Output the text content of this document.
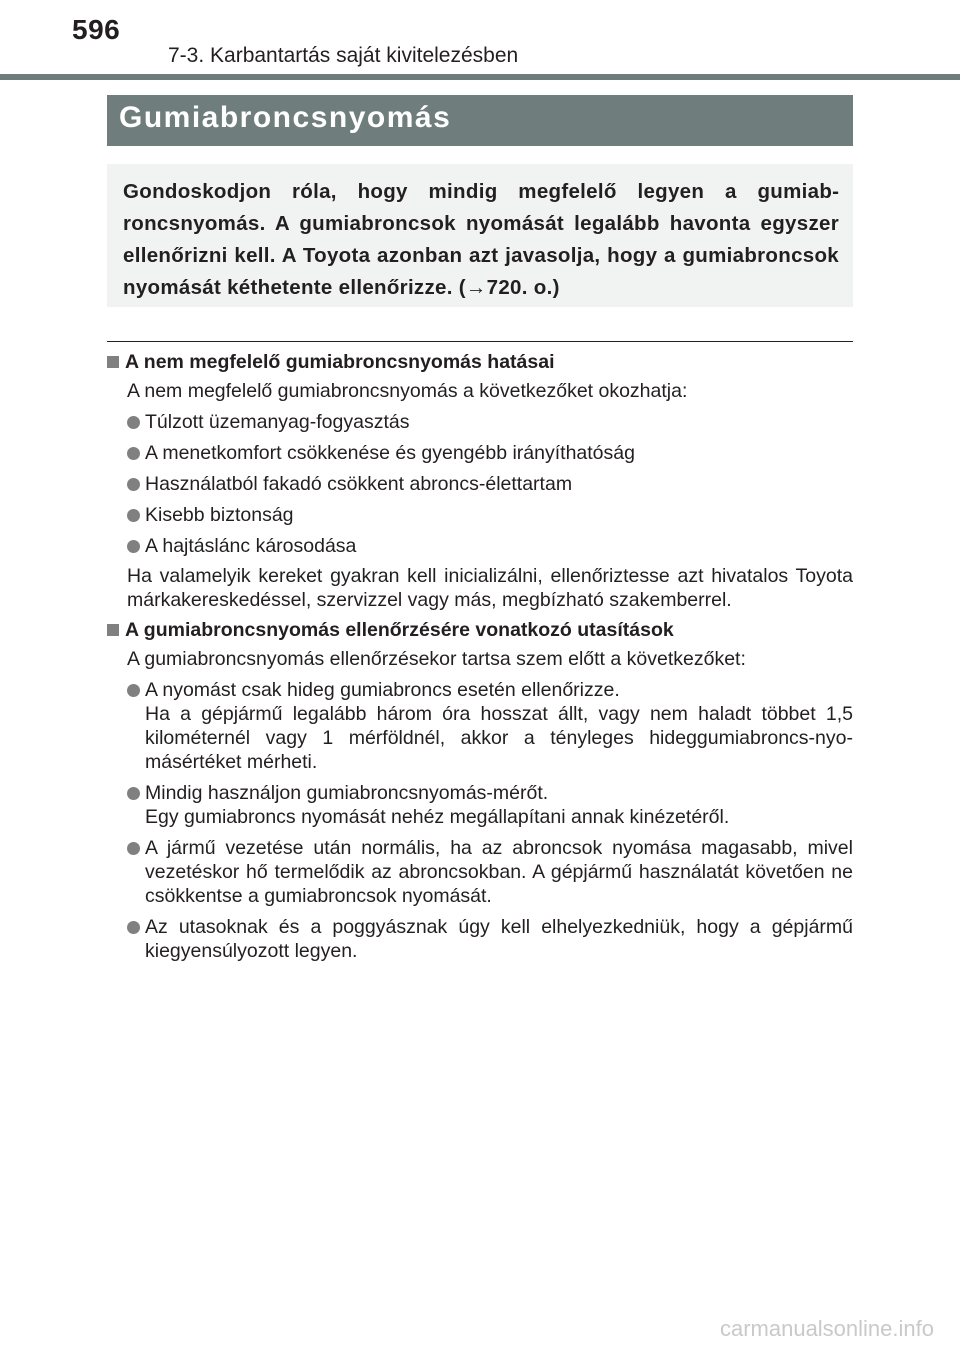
596
7-3. Karbantartás saját kivitelezésben
Gumiabroncsnyomás
Gondoskodjon róla, hogy mindig megfelelő legyen a gumiabroncsnyomás. A gumiabroncsok nyomását legalább havonta egyszer ellenőrizni kell. A Toyota azonban azt javasolja, hogy a gumiabroncsok nyomását kéthetente ellenőrizze. (→720. o.)
A nem megfelelő gumiabroncsnyomás hatásai
A nem megfelelő gumiabroncsnyomás a következőket okozhatja:
Túlzott üzemanyag-fogyasztás
A menetkomfort csökkenése és gyengébb irányíthatóság
Használatból fakadó csökkent abroncs-élettartam
Kisebb biztonság
A hajtáslánc károsodása
Ha valamelyik kereket gyakran kell inicializálni, ellenőriztesse azt hivatalos Toyota márkakereskedéssel, szervizzel vagy más, megbízható szakemberrel.
A gumiabroncsnyomás ellenőrzésére vonatkozó utasítások
A gumiabroncsnyomás ellenőrzésekor tartsa szem előtt a következőket:
A nyomást csak hideg gumiabroncs esetén ellenőrizze.
Ha a gépjármű legalább három óra hosszat állt, vagy nem haladt többet 1,5 kilométernél vagy 1 mérföldnél, akkor a tényleges hideggumiabroncs-nyomásértéket mérheti.
Mindig használjon gumiabroncsnyomás-mérőt.
Egy gumiabroncs nyomását nehéz megállapítani annak kinézetéről.
A jármű vezetése után normális, ha az abroncsok nyomása magasabb, mivel vezetéskor hő termelődik az abroncsokban. A gépjármű használatát követően ne csökkentse a gumiabroncsok nyomását.
Az utasoknak és a poggyásznak úgy kell elhelyezkedniük, hogy a gépjármű kiegyensúlyozott legyen.
carmanualsonline.info
